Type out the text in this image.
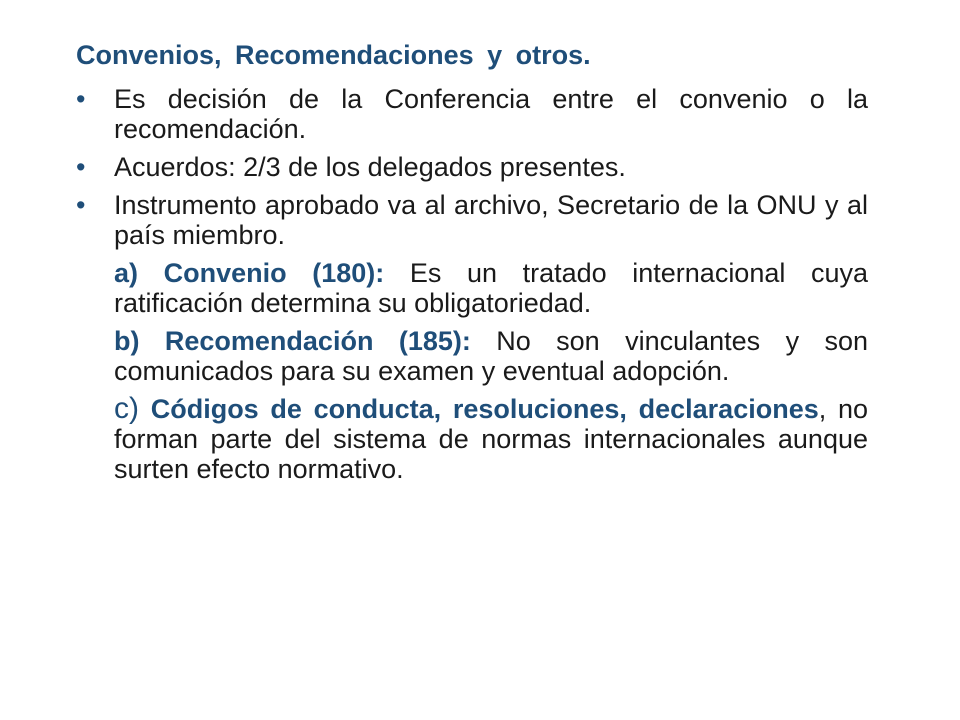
Convenios, Recomendaciones y otros.
• Es decisión de la Conferencia entre el convenio o la recomendación.
• Acuerdos: 2/3 de los delegados presentes.
• Instrumento aprobado va al archivo, Secretario de la ONU y al país miembro.
a) Convenio (180): Es un tratado internacional cuya ratificación determina su obligatoriedad.
b) Recomendación (185): No son vinculantes y son comunicados para su examen y eventual adopción.
c) Códigos de conducta, resoluciones, declaraciones, no forman parte del sistema de normas internacionales aunque surten efecto normativo.
